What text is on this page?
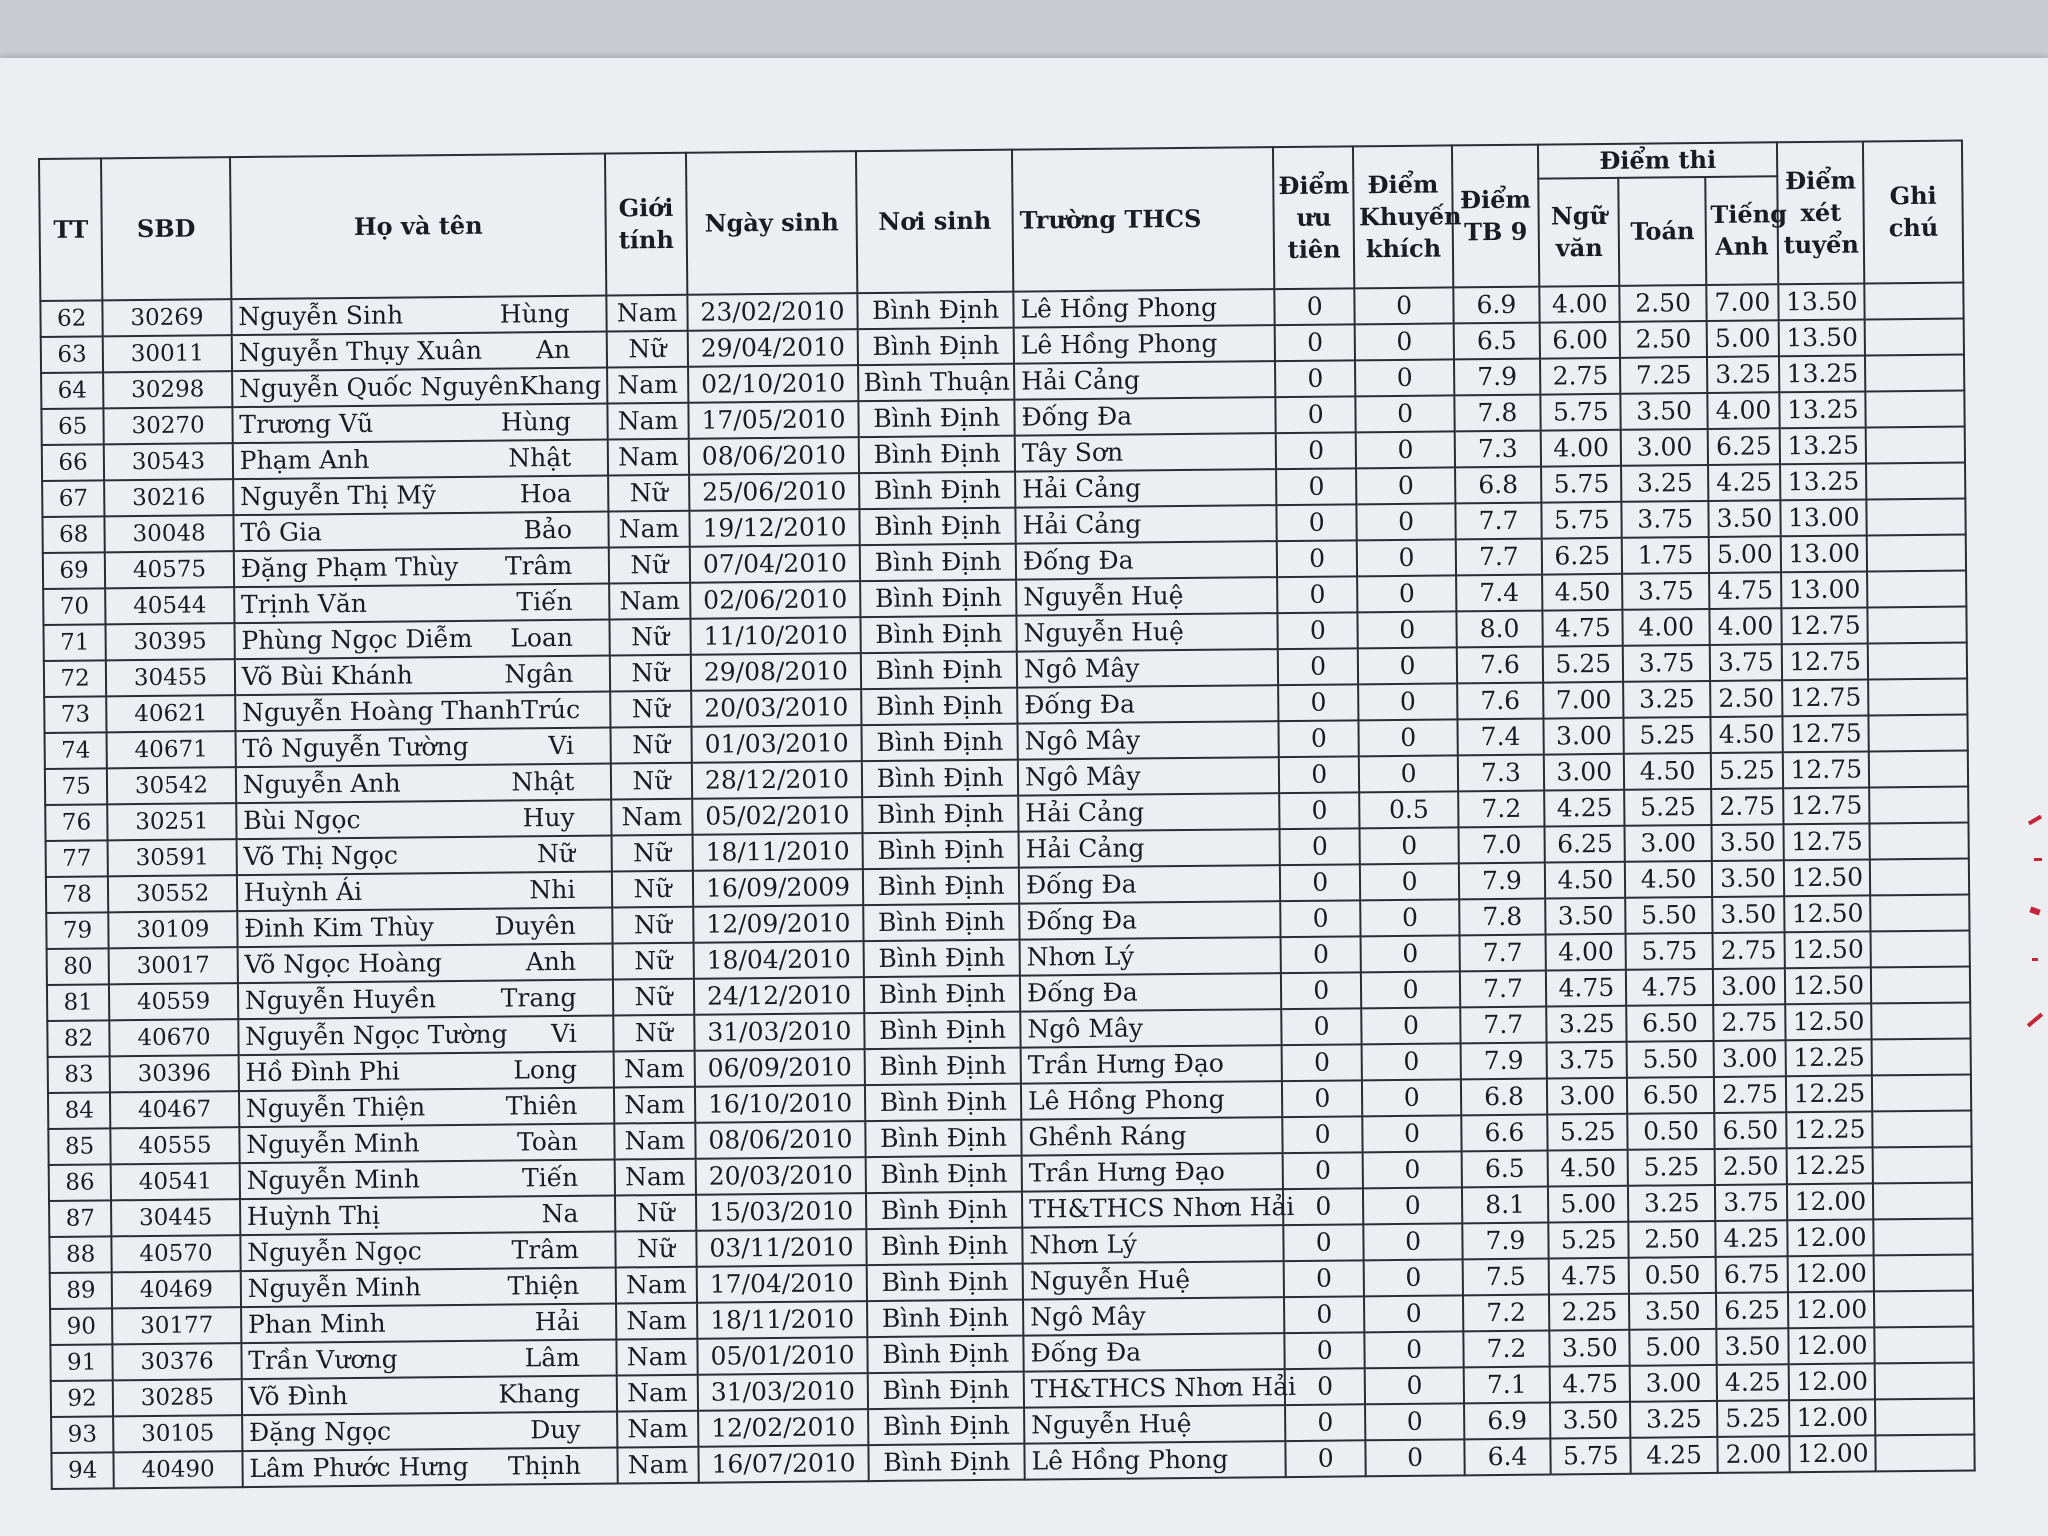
TT	SBD	Họ và tên	Giới tính	Ngày sinh	Nơi sinh	Trường THCS	Điểm ưu tiên	Điểm Khuyến khích	Điểm TB 9	Điểm thi			Điểm xét tuyển	Ghi chú
										Ngữ văn	Toán	Tiếng Anh		
62	30269	Nguyễn Sinh Hùng	Nam	23/02/2010	Bình Định	Lê Hồng Phong	0	0	6.9	4.00	2.50	7.00	13.50	
63	30011	Nguyễn Thụy Xuân An	Nữ	29/04/2010	Bình Định	Lê Hồng Phong	0	0	6.5	6.00	2.50	5.00	13.50	
64	30298	Nguyễn Quốc Nguyên Khang	Nam	02/10/2010	Bình Thuận	Hải Cảng	0	0	7.9	2.75	7.25	3.25	13.25	
65	30270	Trương Vũ Hùng	Nam	17/05/2010	Bình Định	Đống Đa	0	0	7.8	5.75	3.50	4.00	13.25	
66	30543	Phạm Anh Nhật	Nam	08/06/2010	Bình Định	Tây Sơn	0	0	7.3	4.00	3.00	6.25	13.25	
67	30216	Nguyễn Thị Mỹ Hoa	Nữ	25/06/2010	Bình Định	Hải Cảng	0	0	6.8	5.75	3.25	4.25	13.25	
68	30048	Tô Gia Bảo	Nam	19/12/2010	Bình Định	Hải Cảng	0	0	7.7	5.75	3.75	3.50	13.00	
69	40575	Đặng Phạm Thùy Trâm	Nữ	07/04/2010	Bình Định	Đống Đa	0	0	7.7	6.25	1.75	5.00	13.00	
70	40544	Trịnh Văn Tiến	Nam	02/06/2010	Bình Định	Nguyễn Huệ	0	0	7.4	4.50	3.75	4.75	13.00	
71	30395	Phùng Ngọc Diễm Loan	Nữ	11/10/2010	Bình Định	Nguyễn Huệ	0	0	8.0	4.75	4.00	4.00	12.75	
72	30455	Võ Bùi Khánh Ngân	Nữ	29/08/2010	Bình Định	Ngô Mây	0	0	7.6	5.25	3.75	3.75	12.75	
73	40621	Nguyễn Hoàng Thanh Trúc	Nữ	20/03/2010	Bình Định	Đống Đa	0	0	7.6	7.00	3.25	2.50	12.75	
74	40671	Tô Nguyễn Tường Vi	Nữ	01/03/2010	Bình Định	Ngô Mây	0	0	7.4	3.00	5.25	4.50	12.75	
75	30542	Nguyễn Anh Nhật	Nữ	28/12/2010	Bình Định	Ngô Mây	0	0	7.3	3.00	4.50	5.25	12.75	
76	30251	Bùi Ngọc Huy	Nam	05/02/2010	Bình Định	Hải Cảng	0	0.5	7.2	4.25	5.25	2.75	12.75	
77	30591	Võ Thị Ngọc Nữ	Nữ	18/11/2010	Bình Định	Hải Cảng	0	0	7.0	6.25	3.00	3.50	12.75	
78	30552	Huỳnh Ái Nhi	Nữ	16/09/2009	Bình Định	Đống Đa	0	0	7.9	4.50	4.50	3.50	12.50	
79	30109	Đinh Kim Thùy Duyên	Nữ	12/09/2010	Bình Định	Đống Đa	0	0	7.8	3.50	5.50	3.50	12.50	
80	30017	Võ Ngọc Hoàng Anh	Nữ	18/04/2010	Bình Định	Nhơn Lý	0	0	7.7	4.00	5.75	2.75	12.50	
81	40559	Nguyễn Huyền Trang	Nữ	24/12/2010	Bình Định	Đống Đa	0	0	7.7	4.75	4.75	3.00	12.50	
82	40670	Nguyễn Ngọc Tường Vi	Nữ	31/03/2010	Bình Định	Ngô Mây	0	0	7.7	3.25	6.50	2.75	12.50	
83	30396	Hồ Đình Phi Long	Nam	06/09/2010	Bình Định	Trần Hưng Đạo	0	0	7.9	3.75	5.50	3.00	12.25	
84	40467	Nguyễn Thiện Thiên	Nam	16/10/2010	Bình Định	Lê Hồng Phong	0	0	6.8	3.00	6.50	2.75	12.25	
85	40555	Nguyễn Minh Toàn	Nam	08/06/2010	Bình Định	Ghềnh Ráng	0	0	6.6	5.25	0.50	6.50	12.25	
86	40541	Nguyễn Minh Tiến	Nam	20/03/2010	Bình Định	Trần Hưng Đạo	0	0	6.5	4.50	5.25	2.50	12.25	
87	30445	Huỳnh Thị Na	Nữ	15/03/2010	Bình Định	TH&THCS Nhơn Hải	0	0	8.1	5.00	3.25	3.75	12.00	
88	40570	Nguyễn Ngọc Trâm	Nữ	03/11/2010	Bình Định	Nhơn Lý	0	0	7.9	5.25	2.50	4.25	12.00	
89	40469	Nguyễn Minh Thiện	Nam	17/04/2010	Bình Định	Nguyễn Huệ	0	0	7.5	4.75	0.50	6.75	12.00	
90	30177	Phan Minh Hải	Nam	18/11/2010	Bình Định	Ngô Mây	0	0	7.2	2.25	3.50	6.25	12.00	
91	30376	Trần Vương Lâm	Nam	05/01/2010	Bình Định	Đống Đa	0	0	7.2	3.50	5.00	3.50	12.00	
92	30285	Võ Đình Khang	Nam	31/03/2010	Bình Định	TH&THCS Nhơn Hải	0	0	7.1	4.75	3.00	4.25	12.00	
93	30105	Đặng Ngọc Duy	Nam	12/02/2010	Bình Định	Nguyễn Huệ	0	0	6.9	3.50	3.25	5.25	12.00	
94	40490	Lâm Phước Hưng Thịnh	Nam	16/07/2010	Bình Định	Lê Hồng Phong	0	0	6.4	5.75	4.25	2.00	12.00	
